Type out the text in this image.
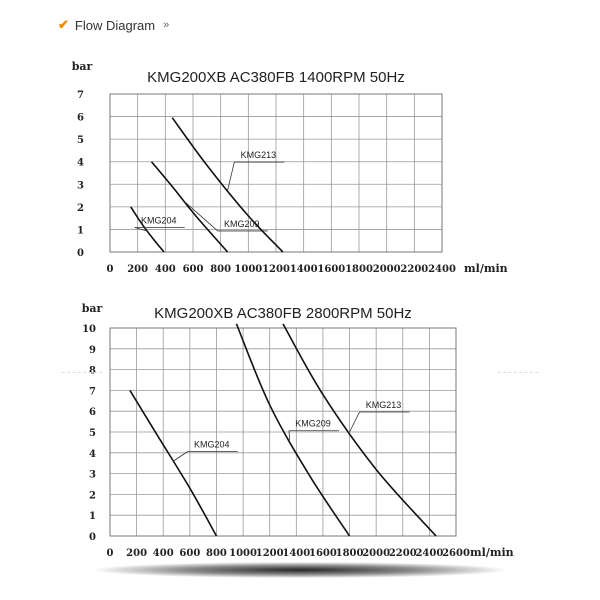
✔ Flow Diagram »
KMG200XB AC380FB 1400RPM 50Hz
bar
ml/min
0 200 400 600 800 1000 1200 1400 1600 1800 2000 2200 2400
0
1
2
3
4
5
6
7
KMG204	KMG209
KMG213
KMG200XB AC380FB 2800RPM 50Hz
bar
ml/min
0 200 400 600 800 1000
1200
1400
1600
1800
2000
2200
2400
2600
0
1
2
3
4
5
6
7
8
9
10
KMG204
KMG209
KMG213
